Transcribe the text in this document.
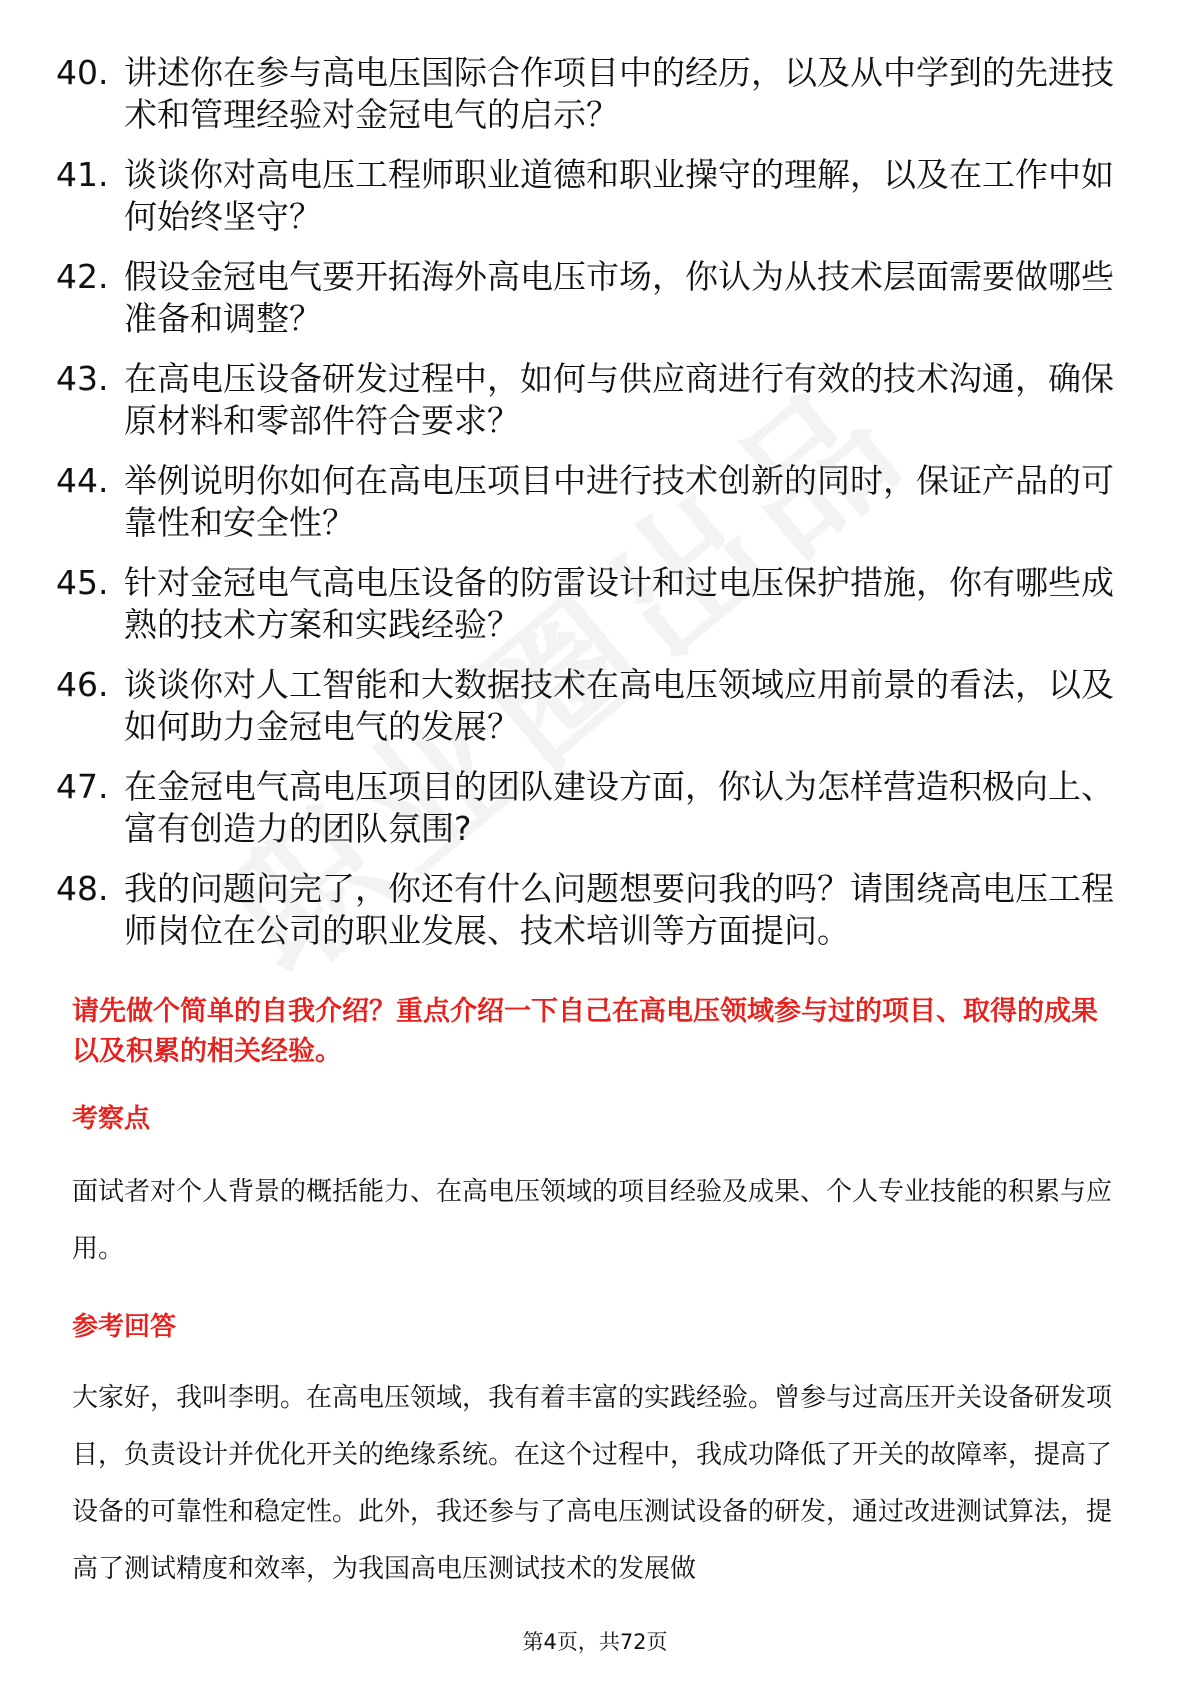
40. 讲述你在参与高电压国际合作项目中的经历，以及从中学到的先进技术和管理经验对金冠电气的启示？
41. 谈谈你对高电压工程师职业道德和职业操守的理解，以及在工作中如何始终坚守？
42. 假设金冠电气要开拓海外高电压市场，你认为从技术层面需要做哪些准备和调整？
43. 在高电压设备研发过程中，如何与供应商进行有效的技术沟通，确保原材料和零部件符合要求？
44. 举例说明你如何在高电压项目中进行技术创新的同时，保证产品的可靠性和安全性？
45. 针对金冠电气高电压设备的防雷设计和过电压保护措施，你有哪些成熟的技术方案和实践经验？
46. 谈谈你对人工智能和大数据技术在高电压领域应用前景的看法，以及如何助力金冠电气的发展？
47. 在金冠电气高电压项目的团队建设方面，你认为怎样营造积极向上、富有创造力的团队氛围?
48. 我的问题问完了，你还有什么问题想要问我的吗？请围绕高电压工程师岗位在公司的职业发展、技术培训等方面提问。
请先做个简单的自我介绍？重点介绍一下自己在高电压领域参与过的项目、取得的成果以及积累的相关经验。
考察点
面试者对个人背景的概括能力、在高电压领域的项目经验及成果、个人专业技能的积累与应用。
参考回答
大家好，我叫李明。在高电压领域，我有着丰富的实践经验。曾参与过高压开关设备研发项目，负责设计并优化开关的绝缘系统。在这个过程中，我成功降低了开关的故障率，提高了设备的可靠性和稳定性。此外，我还参与了高电压测试设备的研发，通过改进测试算法，提高了测试精度和效率，为我国高电压测试技术的发展做
第4页，共72页
